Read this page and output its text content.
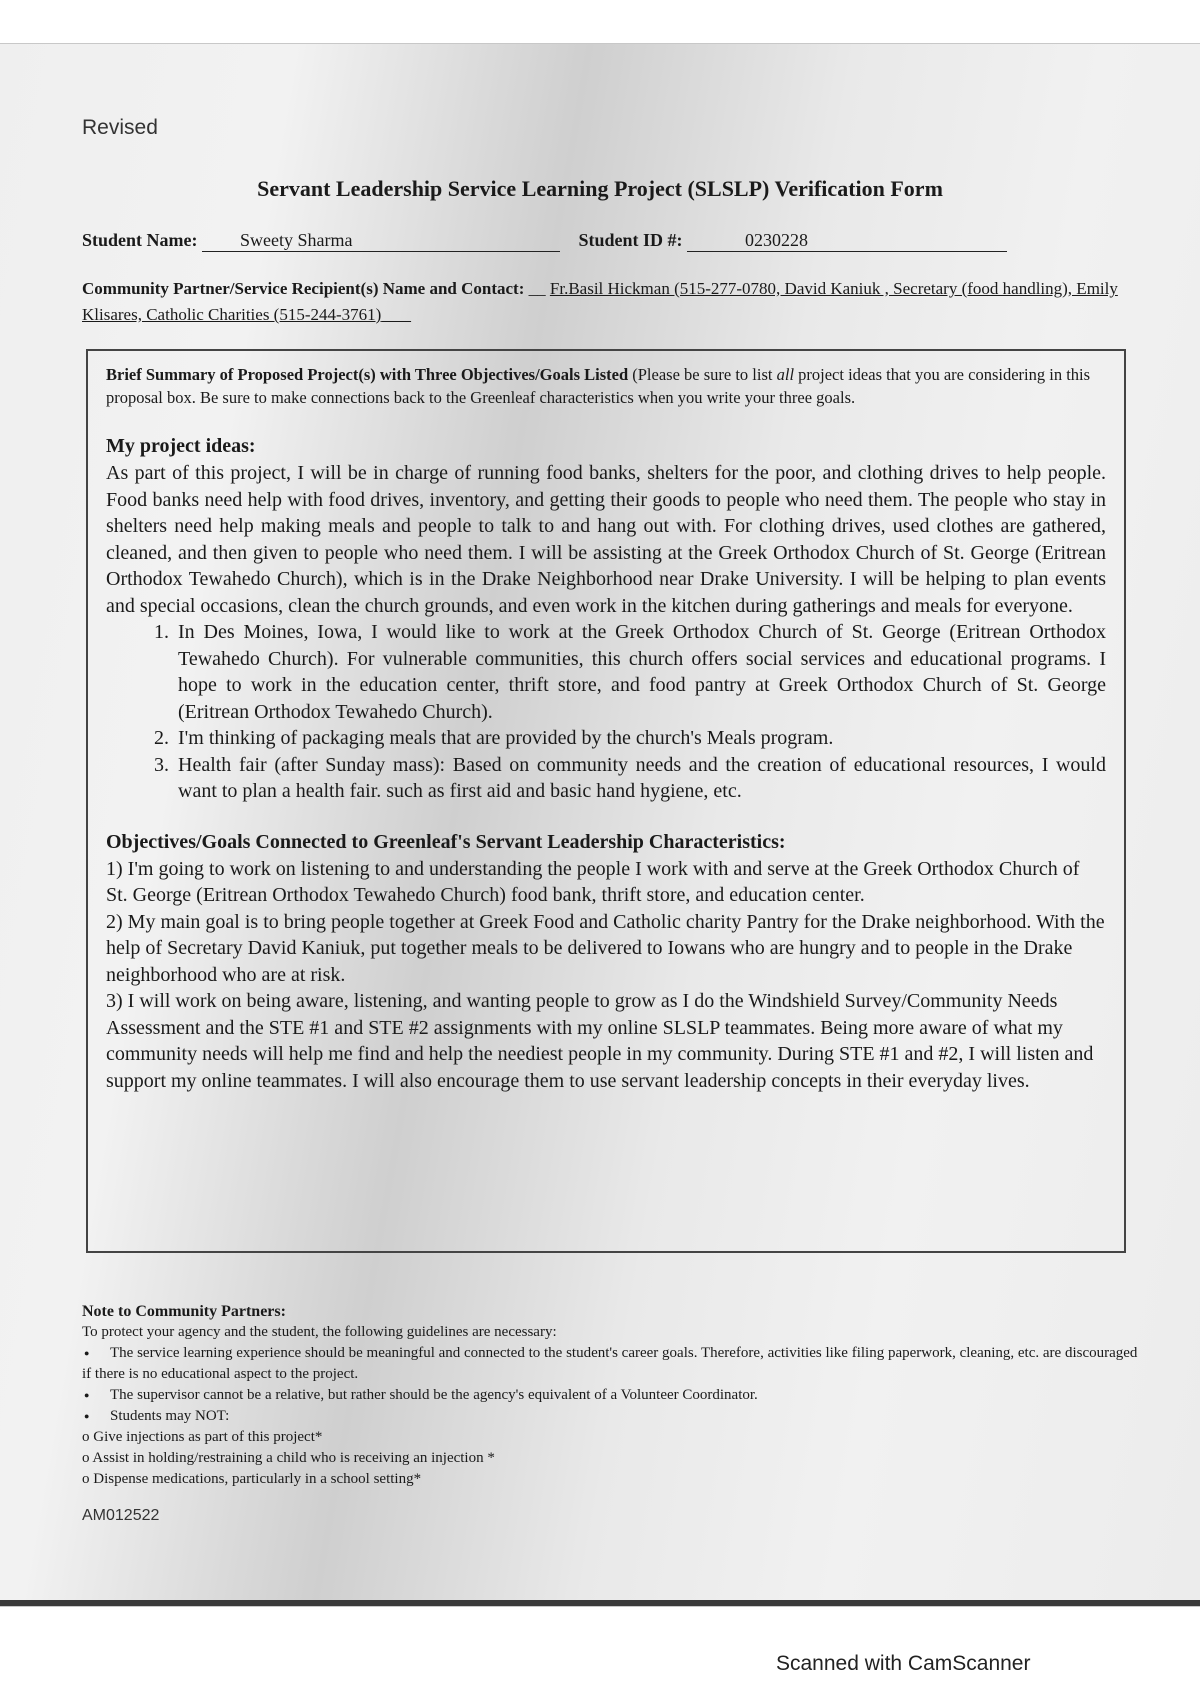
Revised
Servant Leadership Service Learning Project (SLSLP) Verification Form
Student Name: Sweety Sharma	Student ID #:	0230228
Community Partner/Service Recipient(s) Name and Contact: __ Fr.Basil Hickman (515-277-0780, David Kaniuk , Secretary (food handling), Emily Klisares, Catholic Charities (515-244-3761)
Brief Summary of Proposed Project(s) with Three Objectives/Goals Listed (Please be sure to list all project ideas that you are considering in this proposal box. Be sure to make connections back to the Greenleaf characteristics when you write your three goals.
My project ideas:

As part of this project, I will be in charge of running food banks, shelters for the poor, and clothing drives to help people. Food banks need help with food drives, inventory, and getting their goods to people who need them. The people who stay in shelters need help making meals and people to talk to and hang out with. For clothing drives, used clothes are gathered, cleaned, and then given to people who need them. I will be assisting at the Greek Orthodox Church of St. George (Eritrean Orthodox Tewahedo Church), which is in the Drake Neighborhood near Drake University. I will be helping to plan events and special occasions, clean the church grounds, and even work in the kitchen during gatherings and meals for everyone.

1. In Des Moines, Iowa, I would like to work at the Greek Orthodox Church of St. George (Eritrean Orthodox Tewahedo Church). For vulnerable communities, this church offers social services and educational programs. I hope to work in the education center, thrift store, and food pantry at Greek Orthodox Church of St. George (Eritrean Orthodox Tewahedo Church).
2. I'm thinking of packaging meals that are provided by the church's Meals program.
3. Health fair (after Sunday mass): Based on community needs and the creation of educational resources, I would want to plan a health fair. such as first aid and basic hand hygiene, etc.
Objectives/Goals Connected to Greenleaf's Servant Leadership Characteristics:

1) I'm going to work on listening to and understanding the people I work with and serve at the Greek Orthodox Church of St. George (Eritrean Orthodox Tewahedo Church) food bank, thrift store, and education center.

2) My main goal is to bring people together at Greek Food and Catholic charity Pantry for the Drake neighborhood. With the help of Secretary David Kaniuk, put together meals to be delivered to Iowans who are hungry and to people in the Drake neighborhood who are at risk.

3) I will work on being aware, listening, and wanting people to grow as I do the Windshield Survey/Community Needs Assessment and the STE #1 and STE #2 assignments with my online SLSLP teammates. Being more aware of what my community needs will help me find and help the neediest people in my community. During STE #1 and #2, I will listen and support my online teammates. I will also encourage them to use servant leadership concepts in their everyday lives.

Note to Community Partners:
To protect your agency and the student, the following guidelines are necessary:
● The service learning experience should be meaningful and connected to the student's career goals. Therefore, activities like filing paperwork, cleaning, etc. are discouraged if there is no educational aspect to the project.
● The supervisor cannot be a relative, but rather should be the agency's equivalent of a Volunteer Coordinator.
● Students may NOT:
o Give injections as part of this project*
o Assist in holding/restraining a child who is receiving an injection *
o Dispense medications, particularly in a school setting*
AM012522
Scanned with CamScanner
